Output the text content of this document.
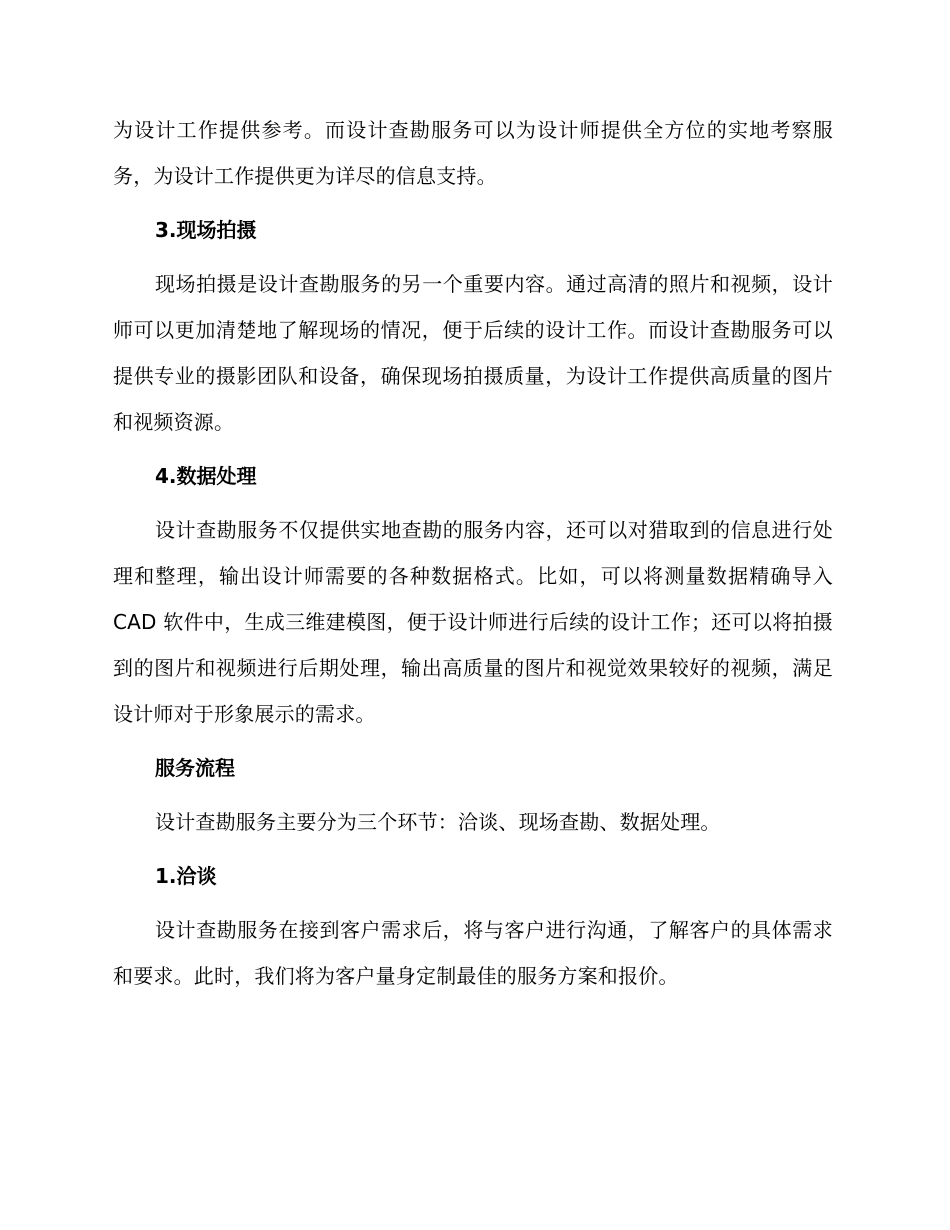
为设计工作提供参考。而设计查勘服务可以为设计师提供全方位的实地考察服务，为设计工作提供更为详尽的信息支持。

3.现场拍摄

现场拍摄是设计查勘服务的另一个重要内容。通过高清的照片和视频，设计师可以更加清楚地了解现场的情况，便于后续的设计工作。而设计查勘服务可以提供专业的摄影团队和设备，确保现场拍摄质量，为设计工作提供高质量的图片和视频资源。

4.数据处理

设计查勘服务不仅提供实地查勘的服务内容，还可以对猎取到的信息进行处理和整理，输出设计师需要的各种数据格式。比如，可以将测量数据精确导入 CAD 软件中，生成三维建模图，便于设计师进行后续的设计工作；还可以将拍摄到的图片和视频进行后期处理，输出高质量的图片和视觉效果较好的视频，满足设计师对于形象展示的需求。

服务流程

设计查勘服务主要分为三个环节：洽谈、现场查勘、数据处理。

1.洽谈

设计查勘服务在接到客户需求后，将与客户进行沟通，了解客户的具体需求和要求。此时，我们将为客户量身定制最佳的服务方案和报价。
